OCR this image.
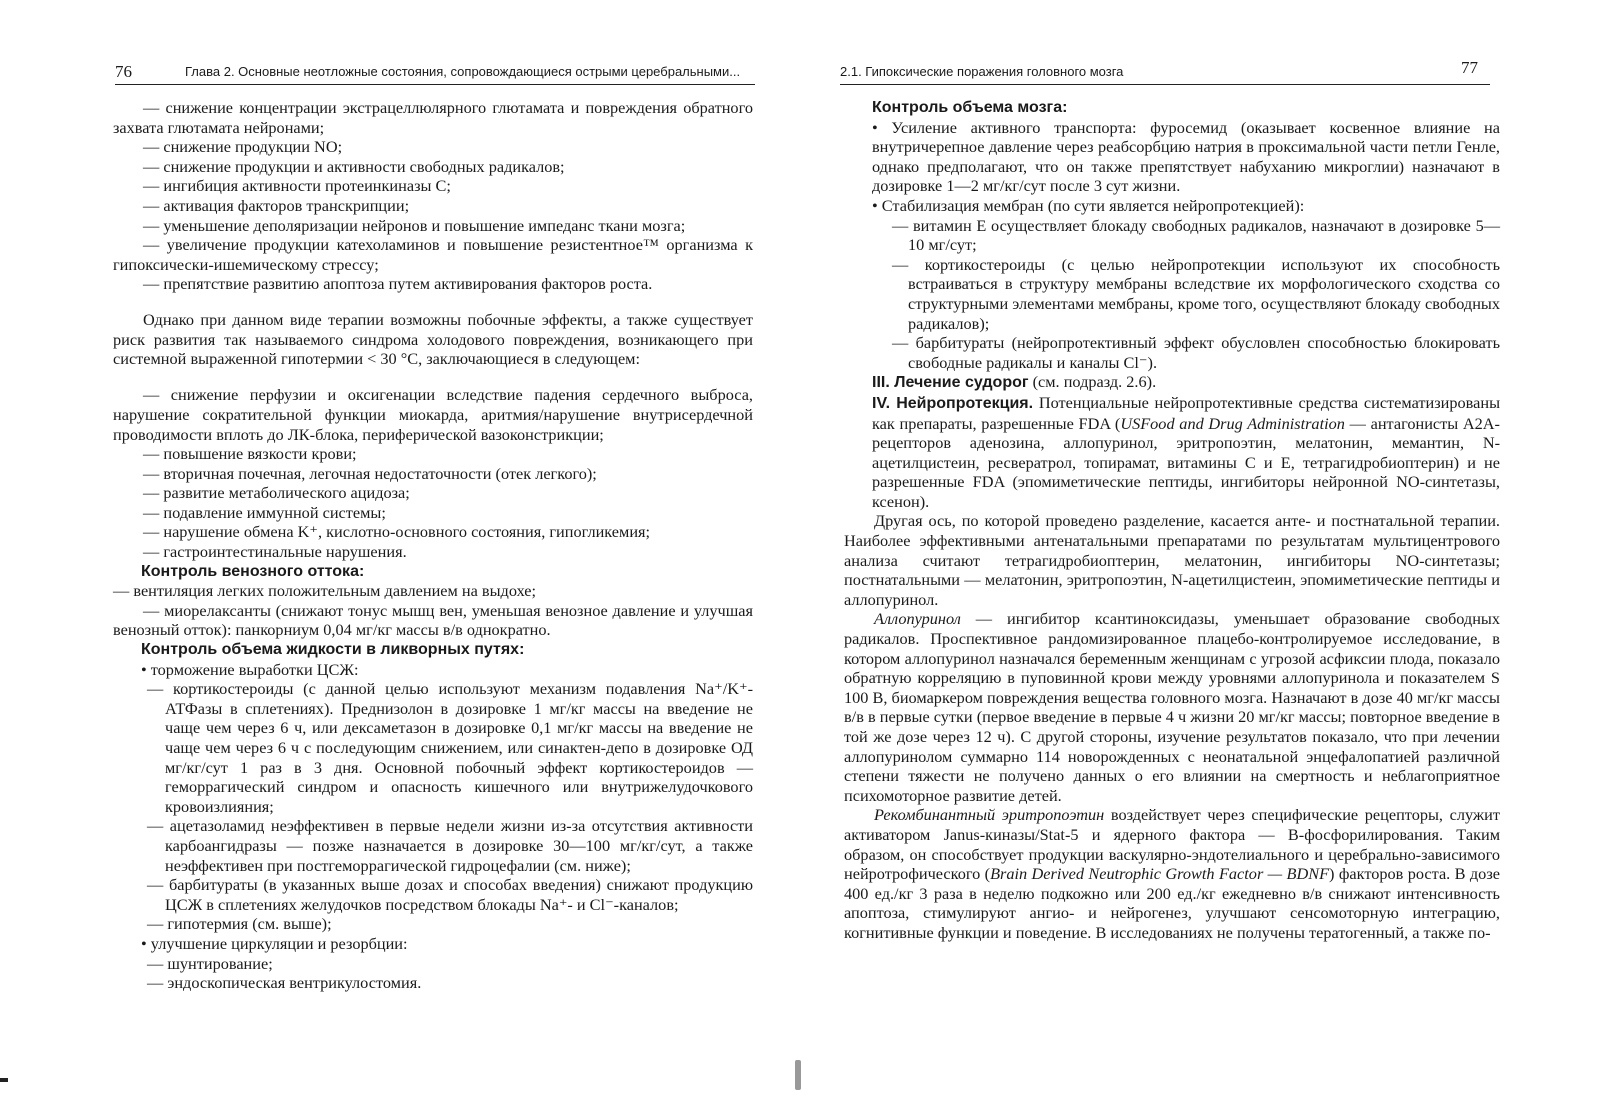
76	Глава 2. Основные неотложные состояния, сопровождающиеся острыми церебральными...

— снижение концентрации экстрацеллюлярного глютамата и повреждения обратного захвата глютамата нейронами;

— снижение продукции NO;

— снижение продукции и активности свободных радикалов;

— ингибиция активности протеинкиназы C;

— активация факторов транскрипции;

— уменьшение деполяризации нейронов и повышение импеданс ткани мозга;

— увеличение продукции катехоламинов и повышение резистентное™ организма к гипоксически-ишемическому стрессу;

— препятствие развитию апоптоза путем активирования факторов роста.

Однако при данном виде терапии возможны побочные эффекты, а также существует риск развития так называемого синдрома холодового повреждения, возникающего при системной выраженной гипотермии < 30 °С, заключающиеся в следующем:

— снижение перфузии и оксигенации вследствие падения сердечного выброса, нарушение сократительной функции миокарда, аритмия/нарушение внутрисердечной проводимости вплоть до ЛК-блока, периферической вазоконстрикции;

— повышение вязкости крови;

— вторичная почечная, легочная недостаточности (отек легкого);

— развитие метаболического ацидоза;

— подавление иммунной системы;

— нарушение обмена K⁺, кислотно-основного состояния, гипогликемия;

— гастроинтестинальные нарушения.

Контроль венозного оттока:

— вентиляция легких положительным давлением на выдохе;

— миорелаксанты (снижают тонус мышц вен, уменьшая венозное давление и улучшая венозный отток): панкорниум 0,04 мг/кг массы в/в однократно.

Контроль объема жидкости в ликворных путях:

• торможение выработки ЦСЖ:

— кортикостероиды (с данной целью используют механизм подавления Na⁺/K⁺-АТФазы в сплетениях). Преднизолон в дозировке 1 мг/кг массы на введение не чаще чем через 6 ч, или дексаметазон в дозировке 0,1 мг/кг массы на введение не чаще чем через 6 ч с последующим снижением, или синактен-депо в дозировке ОД мг/кг/сут 1 раз в 3 дня. Основной побочный эффект кортикостероидов — геморрагический синдром и опасность кишечного или внутрижелудочкового кровоизлияния;

— ацетазоламид неэффективен в первые недели жизни из-за отсутствия активности карбоангидразы — позже назначается в дозировке 30—100 мг/кг/сут, а также неэффективен при постгеморрагической гидроцефалии (см. ниже);

— барбитураты (в указанных выше дозах и способах введения) снижают продукцию ЦСЖ в сплетениях желудочков посредством блокады Na⁺- и Cl⁻-каналов;

— гипотермия (см. выше);

• улучшение циркуляции и резорбции:

— шунтирование;

— эндоскопическая вентрикулостомия.

2.1. Гипоксические поражения головного мозга	77

Контроль объема мозга:

• Усиление активного транспорта: фуросемид (оказывает косвенное влияние на внутричерепное давление через реабсорбцию натрия в проксимальной части петли Генле, однако предполагают, что он также препятствует набуханию микроглии) назначают в дозировке 1—2 мг/кг/сут после 3 сут жизни.

• Стабилизация мембран (по сути является нейропротекцией):

— витамин Е осуществляет блокаду свободных радикалов, назначают в дозировке 5—10 мг/сут;

— кортикостероиды (с целью нейропротекции используют их способность встраиваться в структуру мембраны вследствие их морфологического сходства со структурными элементами мембраны, кроме того, осуществляют блокаду свободных радикалов);

— барбитураты (нейропротективный эффект обусловлен способностью блокировать свободные радикалы и каналы Cl⁻).

III. Лечение судорог (см. подразд. 2.6).

IV. Нейропротекция. Потенциальные нейропротективные средства систематизированы как препараты, разрешенные FDA (USFood and Drug Administration — антагонисты A2A-рецепторов аденозина, аллопуринол, эритропоэтин, мелатонин, мемантин, N-ацетилцистеин, ресвератрол, топирамат, витамины С и Е, тетрагидробиоптерин) и не разрешенные FDA (эпомиметические пептиды, ингибиторы нейронной NO-синтетазы, ксенон).

Другая ось, по которой проведено разделение, касается анте- и постнатальной терапии. Наиболее эффективными антенатальными препаратами по результатам мультицентрового анализа считают тетрагидробиоптерин, мелатонин, ингибиторы NO-синтетазы; постнатальными — мелатонин, эритропоэтин, N-ацетилцистеин, эпомиметические пептиды и аллопуринол.

Аллопуринол — ингибитор ксантиноксидазы, уменьшает образование свободных радикалов. Проспективное рандомизированное плацебо-контролируемое исследование, в котором аллопуринол назначался беременным женщинам с угрозой асфиксии плода, показало обратную корреляцию в пуповинной крови между уровнями аллопуринола и показателем S 100 В, биомаркером повреждения вещества головного мозга. Назначают в дозе 40 мг/кг массы в/в в первые сутки (первое введение в первые 4 ч жизни 20 мг/кг массы; повторное введение в той же дозе через 12 ч). С другой стороны, изучение результатов показало, что при лечении аллопуринолом суммарно 114 новорожденных с неонатальной энцефалопатией различной степени тяжести не получено данных о его влиянии на смертность и неблагоприятное психомоторное развитие детей.

Рекомбинантный эритропоэтин воздействует через специфические рецепторы, служит активатором Janus-киназы/Stat-5 и ядерного фактора — В-фосфорилирования. Таким образом, он способствует продукции васкулярно-эндотелиального и церебрально-зависимого нейротрофического (Brain Derived Neutrophic Growth Factor — BDNF) факторов роста. В дозе 400 ед./кг 3 раза в неделю подкожно или 200 ед./кг ежедневно в/в снижают интенсивность апоптоза, стимулируют ангио- и нейрогенез, улучшают сенсомоторную интеграцию, когнитивные функции и поведение. В исследованиях не получены тератогенный, а также по-
